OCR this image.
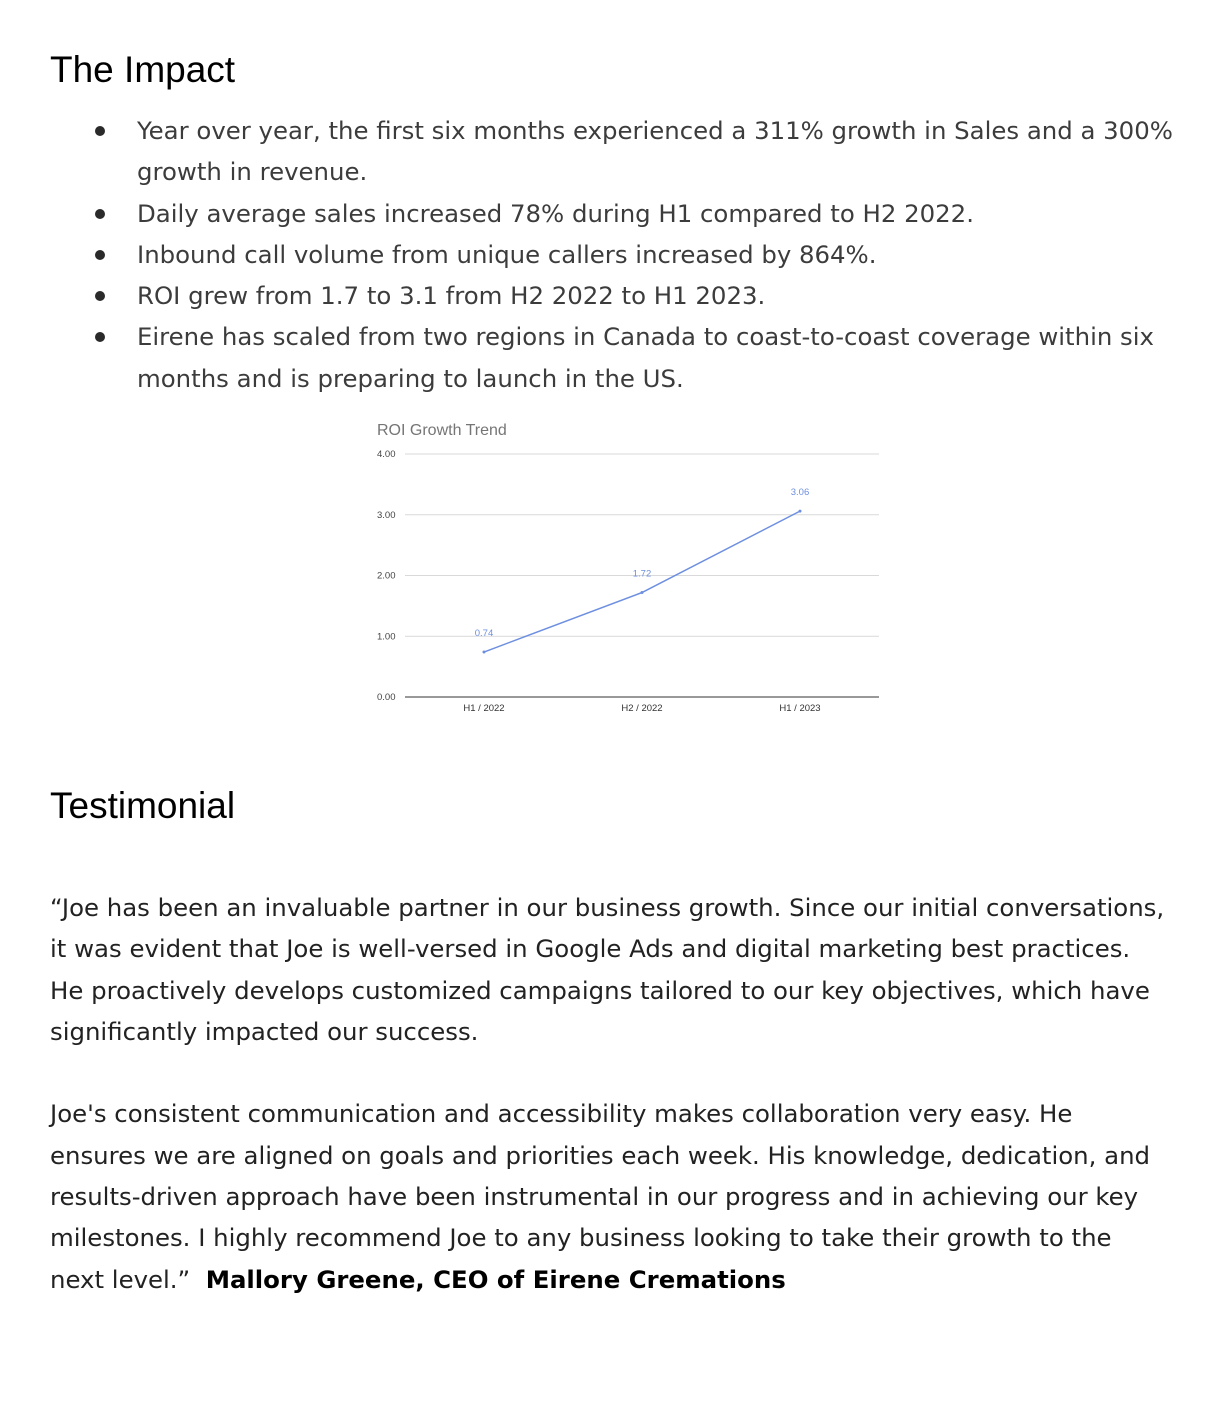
The Impact
Year over year, the first six months experienced a 311% growth in Sales and a 300% growth in revenue.
Daily average sales increased 78% during H1 compared to H2 2022.
Inbound call volume from unique callers increased by 864%.
ROI grew from 1.7 to 3.1 from H2 2022 to H1 2023.
Eirene has scaled from two regions in Canada to coast-to-coast coverage within six months and is preparing to launch in the US.
ROI Growth Trend
0.00
1.00
2.00
3.00
4.00
H1 / 2022	H2 / 2022	H1 / 2023
0.74
1.72
3.06
Testimonial

“Joe has been an invaluable partner in our business growth. Since our initial conversations, it was evident that Joe is well-versed in Google Ads and digital marketing best practices. He proactively develops customized campaigns tailored to our key objectives, which have significantly impacted our success.

Joe's consistent communication and accessibility makes collaboration very easy. He ensures we are aligned on goals and priorities each week. His knowledge, dedication, and results-driven approach have been instrumental in our progress and in achieving our key milestones. I highly recommend Joe to any business looking to take their growth to the next level.” Mallory Greene, CEO of Eirene Cremations
